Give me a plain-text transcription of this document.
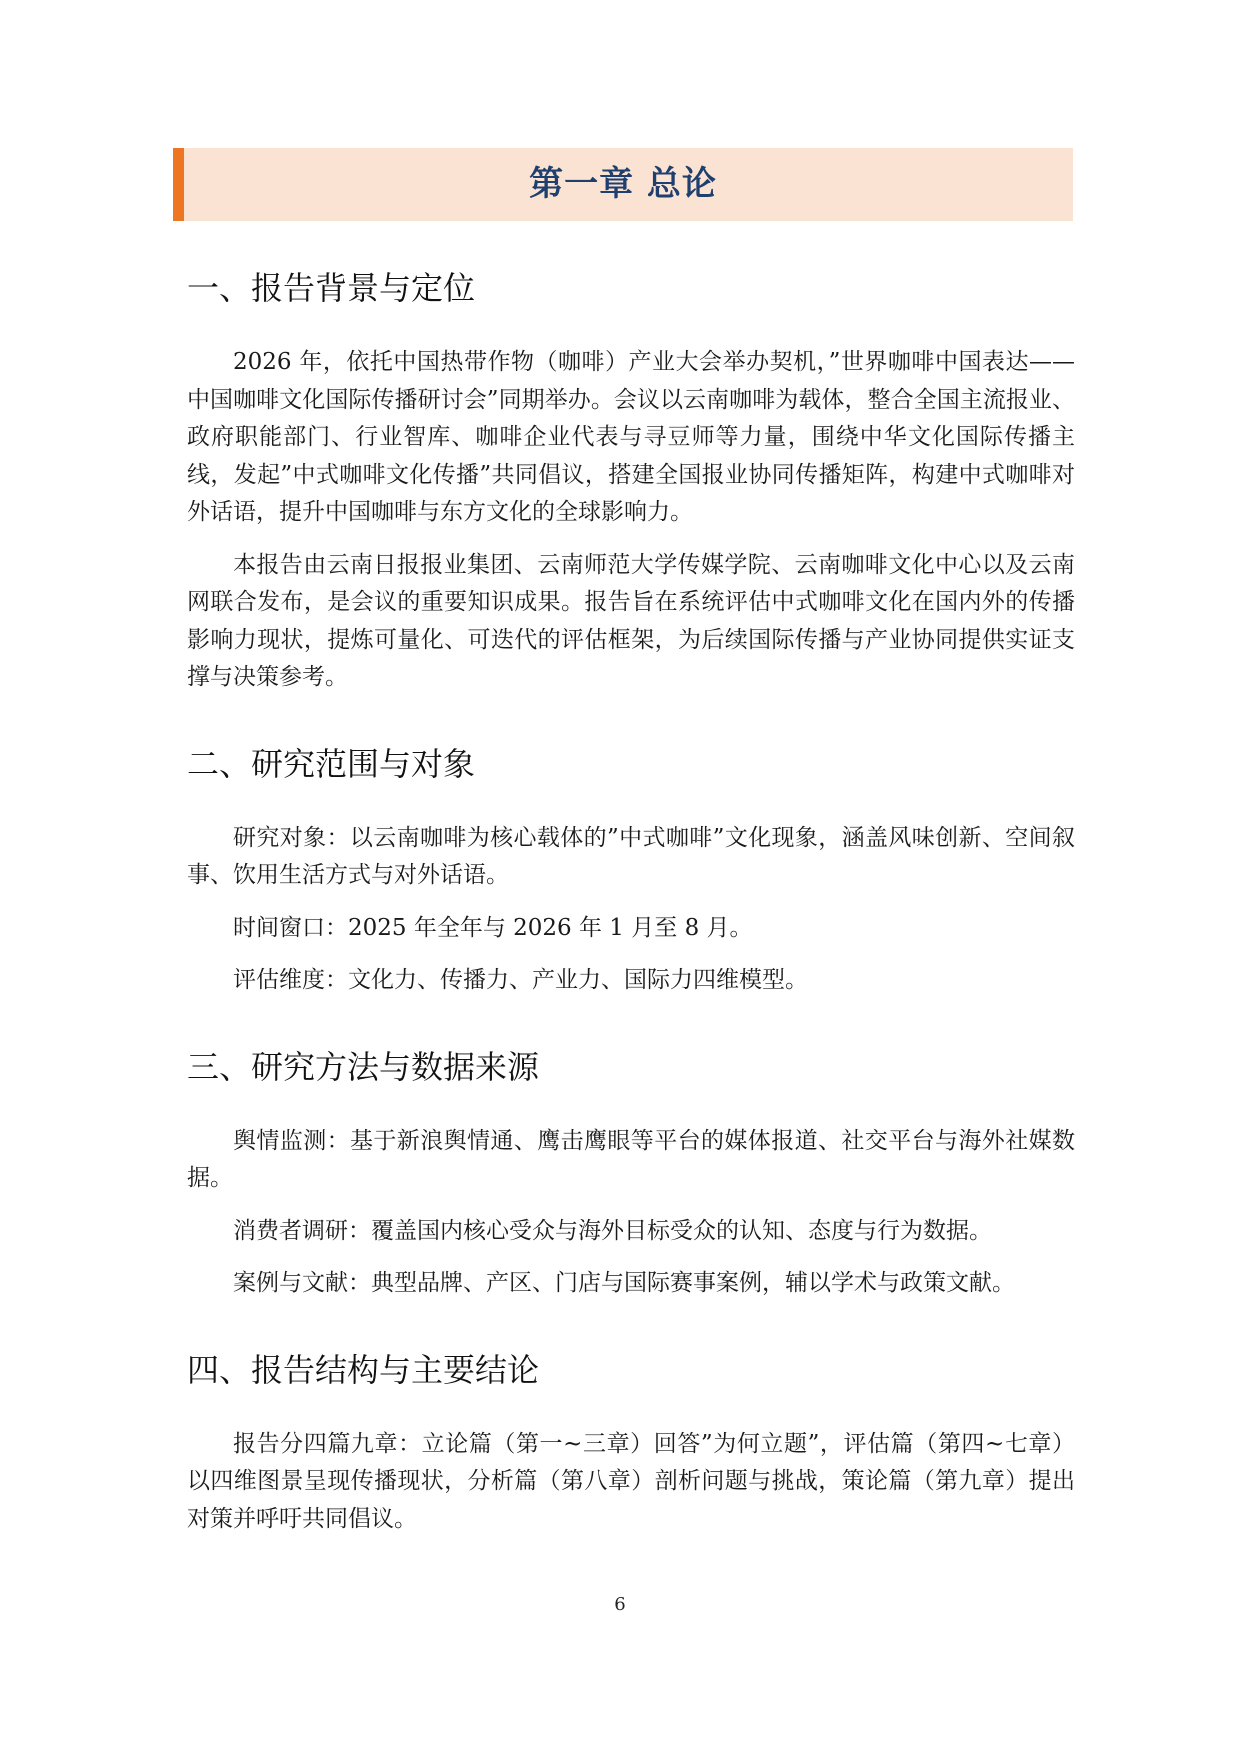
第一章 总论
一、报告背景与定位

2026 年，依托中国热带作物（咖啡）产业大会举办契机，”世界咖啡中国表达——中国咖啡文化国际传播研讨会”同期举办。会议以云南咖啡为载体，整合全国主流报业、政府职能部门、行业智库、咖啡企业代表与寻豆师等力量，围绕中华文化国际传播主线，发起”中式咖啡文化传播”共同倡议，搭建全国报业协同传播矩阵，构建中式咖啡对外话语，提升中国咖啡与东方文化的全球影响力。

本报告由云南日报报业集团、云南师范大学传媒学院、云南咖啡文化中心以及云南网联合发布，是会议的重要知识成果。报告旨在系统评估中式咖啡文化在国内外的传播影响力现状，提炼可量化、可迭代的评估框架，为后续国际传播与产业协同提供实证支撑与决策参考。

二、研究范围与对象

研究对象：以云南咖啡为核心载体的”中式咖啡”文化现象，涵盖风味创新、空间叙事、饮用生活方式与对外话语。

时间窗口：2025 年全年与 2026 年 1 月至 8 月。

评估维度：文化力、传播力、产业力、国际力四维模型。

三、研究方法与数据来源

舆情监测：基于新浪舆情通、鹰击鹰眼等平台的媒体报道、社交平台与海外社媒数据。

消费者调研：覆盖国内核心受众与海外目标受众的认知、态度与行为数据。

案例与文献：典型品牌、产区、门店与国际赛事案例，辅以学术与政策文献。

四、报告结构与主要结论

报告分四篇九章：立论篇（第一~三章）回答”为何立题”，评估篇（第四~七章）以四维图景呈现传播现状，分析篇（第八章）剖析问题与挑战，策论篇（第九章）提出对策并呼吁共同倡议。

6
